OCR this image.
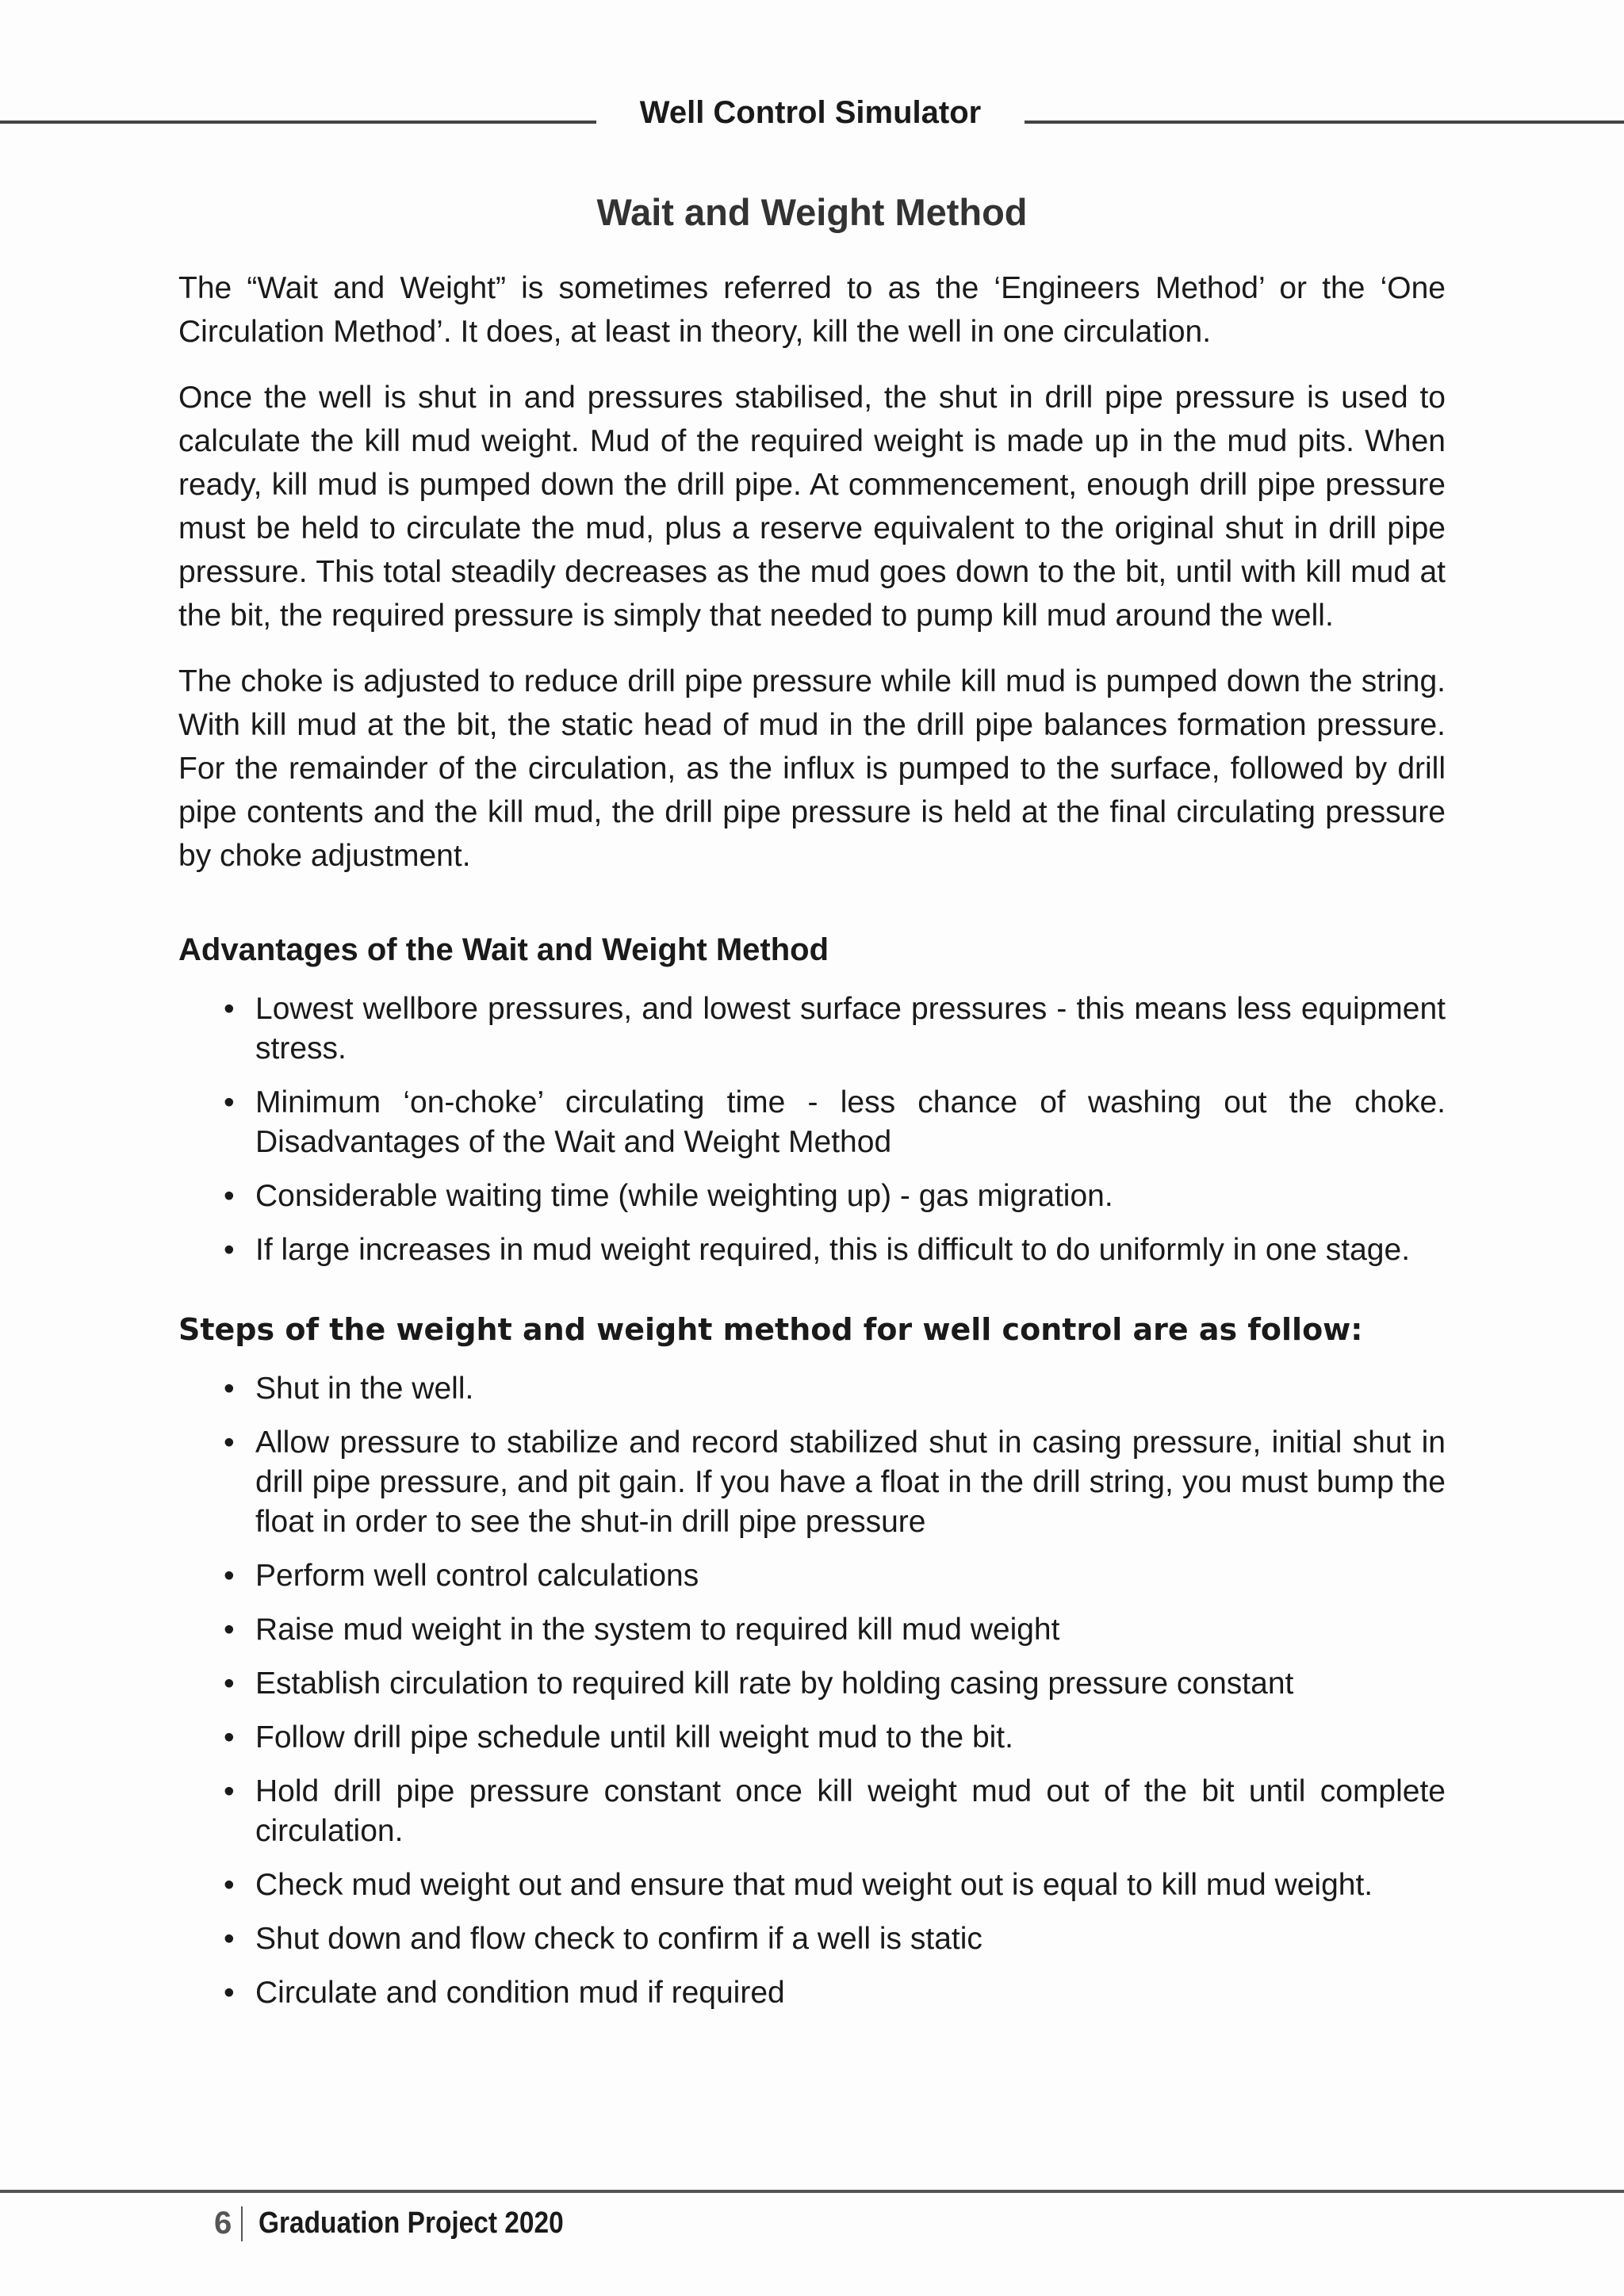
Well Control Simulator
Wait and Weight Method

The “Wait and Weight” is sometimes referred to as the ‘Engineers Method’ or the ‘One Circulation Method’. It does, at least in theory, kill the well in one circulation.

Once the well is shut in and pressures stabilised, the shut in drill pipe pressure is used to calculate the kill mud weight. Mud of the required weight is made up in the mud pits. When ready, kill mud is pumped down the drill pipe. At commencement, enough drill pipe pressure must be held to circulate the mud, plus a reserve equivalent to the original shut in drill pipe pressure. This total steadily decreases as the mud goes down to the bit, until with kill mud at the bit, the required pressure is simply that needed to pump kill mud around the well.

The choke is adjusted to reduce drill pipe pressure while kill mud is pumped down the string. With kill mud at the bit, the static head of mud in the drill pipe balances formation pressure. For the remainder of the circulation, as the influx is pumped to the surface, followed by drill pipe contents and the kill mud, the drill pipe pressure is held at the final circulating pressure by choke adjustment.

Advantages of the Wait and Weight Method
• Lowest wellbore pressures, and lowest surface pressures - this means less equipment stress.
• Minimum ‘on-choke’ circulating time - less chance of washing out the choke. Disadvantages of the Wait and Weight Method
• Considerable waiting time (while weighting up) - gas migration.
• If large increases in mud weight required, this is difficult to do uniformly in one stage.
Steps of the weight and weight method for well control are as follow:
• Shut in the well.
• Allow pressure to stabilize and record stabilized shut in casing pressure, initial shut in drill pipe pressure, and pit gain. If you have a float in the drill string, you must bump the float in order to see the shut-in drill pipe pressure
• Perform well control calculations
• Raise mud weight in the system to required kill mud weight
• Establish circulation to required kill rate by holding casing pressure constant
• Follow drill pipe schedule until kill weight mud to the bit.
• Hold drill pipe pressure constant once kill weight mud out of the bit until complete circulation.
• Check mud weight out and ensure that mud weight out is equal to kill mud weight.
• Shut down and flow check to confirm if a well is static
• Circulate and condition mud if required
6 Graduation Project 2020
